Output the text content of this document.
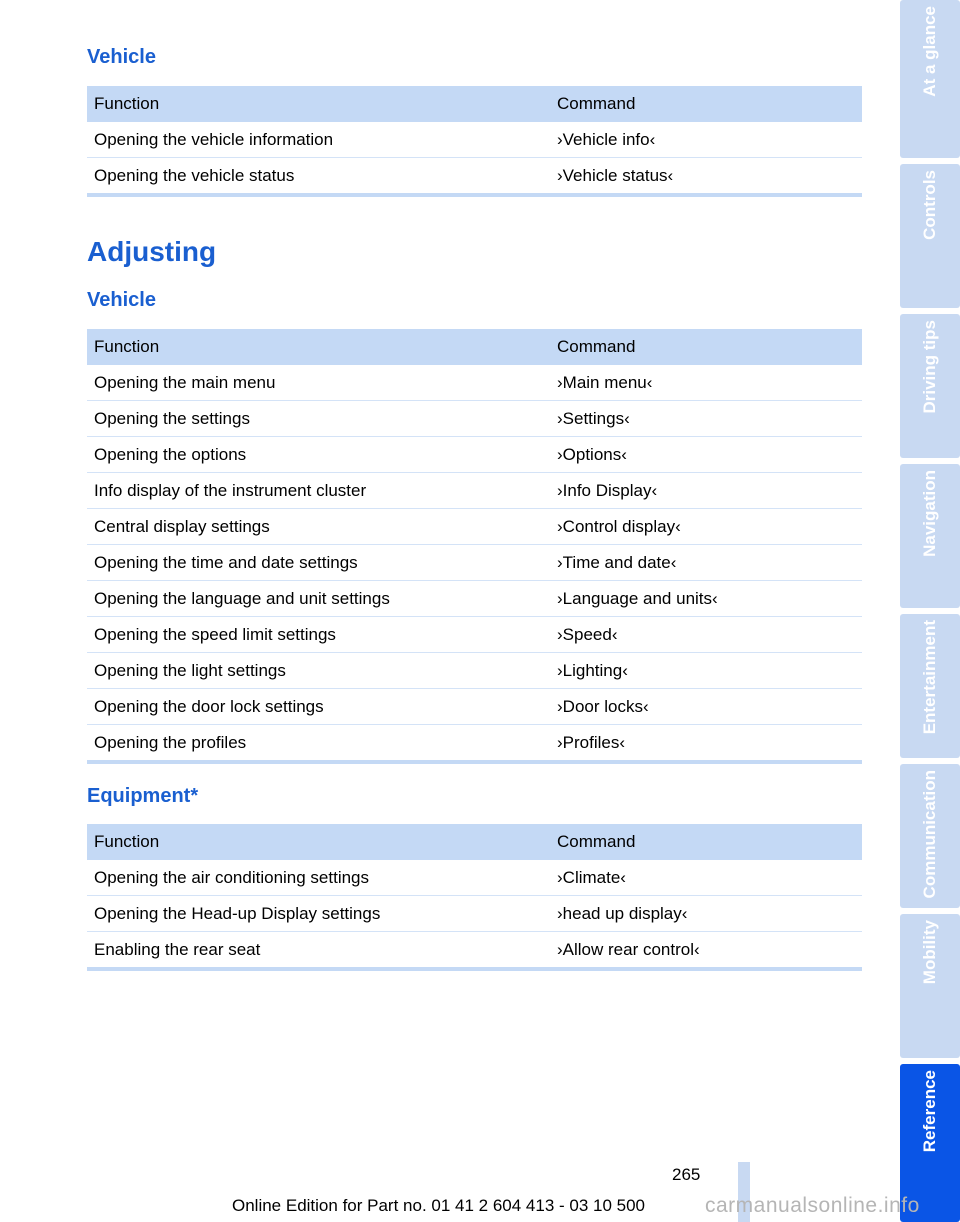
Vehicle
Function	Command
Opening the vehicle information	›Vehicle info‹
Opening the vehicle status	›Vehicle status‹
Adjusting
Vehicle
Function	Command
Opening the main menu	›Main menu‹
Opening the settings	›Settings‹
Opening the options	›Options‹
Info display of the instrument cluster	›Info Display‹
Central display settings	›Control display‹
Opening the time and date settings	›Time and date‹
Opening the language and unit settings	›Language and units‹
Opening the speed limit settings	›Speed‹
Opening the light settings	›Lighting‹
Opening the door lock settings	›Door locks‹
Opening the profiles	›Profiles‹
Equipment*
Function	Command
Opening the air conditioning settings	›Climate‹
Opening the Head-up Display settings	›head up display‹
Enabling the rear seat	›Allow rear control‹
At a glance
Controls
Driving tips
Navigation
Entertainment
Communication
Mobility
Reference
265
Online Edition for Part no. 01 41 2 604 413 - 03 10 500	carmanualsonline.info
